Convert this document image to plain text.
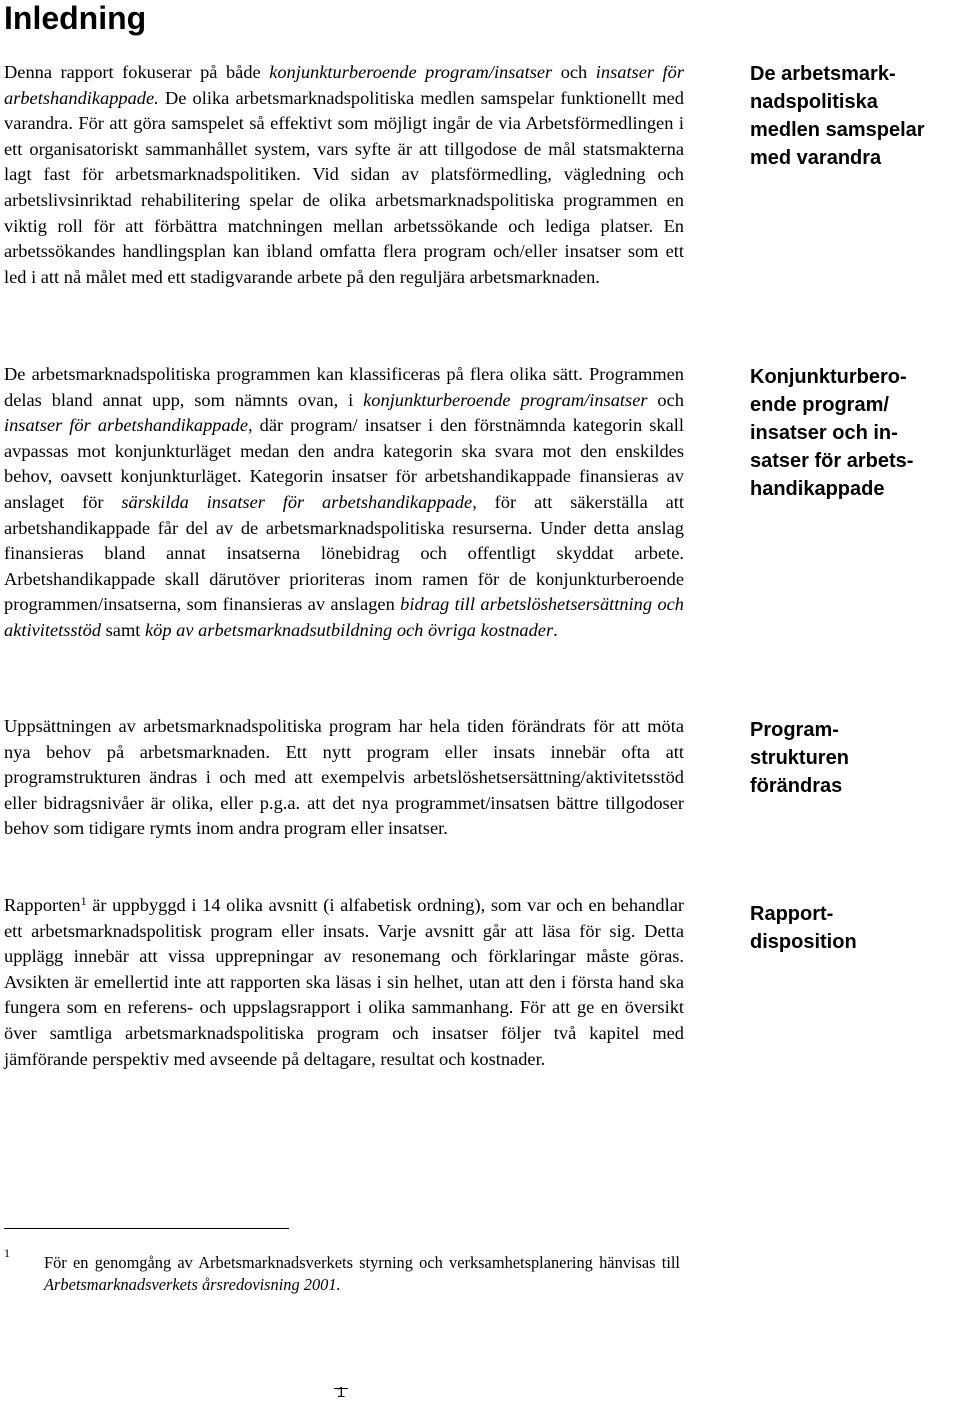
Inledning

Denna rapport fokuserar på både konjunkturberoende program/insatser och insatser för arbetshandikappade. De olika arbetsmarknadspolitiska medlen samspelar funktionellt med varandra. För att göra samspelet så effektivt som möjligt ingår de via Arbetsförmedlingen i ett organisatoriskt sammanhållet system, vars syfte är att tillgodose de mål statsmakterna lagt fast för arbetsmarknadspolitiken. Vid sidan av platsförmedling, vägledning och arbetslivsinriktad rehabilitering spelar de olika arbetsmarknadspolitiska programmen en viktig roll för att förbättra matchningen mellan arbetssökande och lediga platser. En arbetssökandes handlingsplan kan ibland omfatta flera program och/eller insatser som ett led i att nå målet med ett stadigvarande arbete på den reguljära arbetsmarknaden.

De arbetsmarknadspolitiska programmen kan klassificeras på flera olika sätt. Programmen delas bland annat upp, som nämnts ovan, i konjunkturberoende program/insatser och insatser för arbetshandikappade, där program/ insatser i den förstnämnda kategorin skall avpassas mot konjunkturläget medan den andra kategorin ska svara mot den enskildes behov, oavsett konjunkturläget. Kategorin insatser för arbetshandikappade finansieras av anslaget för särskilda insatser för arbetshandikappade, för att säkerställa att arbetshandikappade får del av de arbetsmarknadspolitiska resurserna. Under detta anslag finansieras bland annat insatserna lönebidrag och offentligt skyddat arbete. Arbetshandikappade skall därutöver prioriteras inom ramen för de konjunkturberoende programmen/insatserna, som finansieras av anslagen bidrag till arbetslöshetsersättning och aktivitetsstöd samt köp av arbetsmarknadsutbildning och övriga kostnader.

Uppsättningen av arbetsmarknadspolitiska program har hela tiden förändrats för att möta nya behov på arbetsmarknaden. Ett nytt program eller insats innebär ofta att programstrukturen ändras i och med att exempelvis arbetslöshetsersättning/aktivitetsstöd eller bidragsnivåer är olika, eller p.g.a. att det nya programmet/insatsen bättre tillgodoser behov som tidigare rymts inom andra program eller insatser.

Rapporten$^1$ är uppbyggd i 14 olika avsnitt (i alfabetisk ordning), som var och en behandlar ett arbetsmarknadspolitisk program eller insats. Varje avsnitt går att läsa för sig. Detta upplägg innebär att vissa upprepningar av resonemang och förklaringar måste göras. Avsikten är emellertid inte att rapporten ska läsas i sin helhet, utan att den i första hand ska fungera som en referens- och uppslagsrapport i olika sammanhang. För att ge en översikt över samtliga arbetsmarknadspolitiska program och insatser följer två kapitel med jämförande perspektiv med avseende på deltagare, resultat och kostnader.

De arbetsmark-
nadspolitiska
medlen samspelar
med varandra
Konjunkturbero-
ende program/
insatser och in-
satser för arbets-
handikappade
Program-
strukturen
förändras
Rapport-
disposition
1 För en genomgång av Arbetsmarknadsverkets styrning och verksamhetsplanering hänvisas till Arbetsmarknadsverkets årsredovisning 2001.

1
